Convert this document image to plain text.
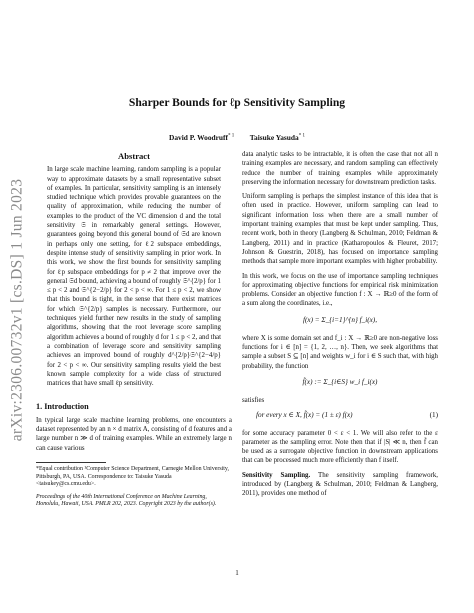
arXiv:2306.00732v1 [cs.DS] 1 Jun 2023
Sharper Bounds for ℓp Sensitivity Sampling
David P. Woodruff$^{* 1}$ Taisuke Yasuda$^{* 1}$
Abstract

In large scale machine learning, random sampling is a popular way to approximate datasets by a small representative subset of examples. In particular, sensitivity sampling is an intensely studied technique which provides provable guarantees on the quality of approximation, while reducing the number of examples to the product of the VC dimension d and the total sensitivity 𝔖 in remarkably general settings. However, guarantees going beyond this general bound of 𝔖d are known in perhaps only one setting, for ℓ2 subspace embeddings, despite intense study of sensitivity sampling in prior work. In this work, we show the first bounds for sensitivity sampling for ℓp subspace embeddings for p ≠ 2 that improve over the general 𝔖d bound, achieving a bound of roughly 𝔖^{2/p} for 1 ≤ p < 2 and 𝔖^{2−2/p} for 2 < p < ∞. For 1 ≤ p < 2, we show that this bound is tight, in the sense that there exist matrices for which 𝔖^{2/p} samples is necessary. Furthermore, our techniques yield further new results in the study of sampling algorithms, showing that the root leverage score sampling algorithm achieves a bound of roughly d for 1 ≤ p < 2, and that a combination of leverage score and sensitivity sampling achieves an improved bound of roughly d^{2/p}𝔖^{2−4/p} for 2 < p < ∞. Our sensitivity sampling results yield the best known sample complexity for a wide class of structured matrices that have small ℓp sensitivity.

1. Introduction

In typical large scale machine learning problems, one encounters a dataset represented by an n × d matrix A, consisting of d features and a large number n ≫ d of training examples. While an extremely large n can cause various

*Equal contribution ¹Computer Science Department, Carnegie Mellon University, Pittsburgh, PA, USA. Correspondence to: Taisuke Yasuda <taisukey@cs.cmu.edu>.

Proceedings of the 40th International Conference on Machine Learning, Honolulu, Hawaii, USA. PMLR 202, 2023. Copyright 2023 by the author(s).

data analytic tasks to be intractable, it is often the case that not all n training examples are necessary, and random sampling can effectively reduce the number of training examples while approximately preserving the information necessary for downstream prediction tasks.

Uniform sampling is perhaps the simplest instance of this idea that is often used in practice. However, uniform sampling can lead to significant information loss when there are a small number of important training examples that must be kept under sampling. Thus, recent work, both in theory (Langberg & Schulman, 2010; Feldman & Langberg, 2011) and in practice (Katharopoulos & Fleuret, 2017; Johnson & Guestrin, 2018), has focused on importance sampling methods that sample more important examples with higher probability.

In this work, we focus on the use of importance sampling techniques for approximating objective functions for empirical risk minimization problems. Consider an objective function f : X → ℝ≥0 of the form of a sum along the coordinates, i.e.,

f(x) = Σ_{i=1}^{n} f_i(x),

where X is some domain set and f_i : X → ℝ≥0 are non-negative loss functions for i ∈ [n] = {1, 2, …, n}. Then, we seek algorithms that sample a subset S ⊆ [n] and weights w_i for i ∈ S such that, with high probability, the function

f̃(x) := Σ_{i∈S} w_i f_i(x)

satisfies

for every x ∈ X, f̃(x) = (1 ± ε) f(x)	(1)

for some accuracy parameter 0 < ε < 1. We will also refer to the ε parameter as the sampling error. Note then that if |S| ≪ n, then f̃ can be used as a surrogate objective function in downstream applications that can be processed much more efficiently than f itself.

Sensitivity Sampling. The sensitivity sampling framework, introduced by (Langberg & Schulman, 2010; Feldman & Langberg, 2011), provides one method of

1
